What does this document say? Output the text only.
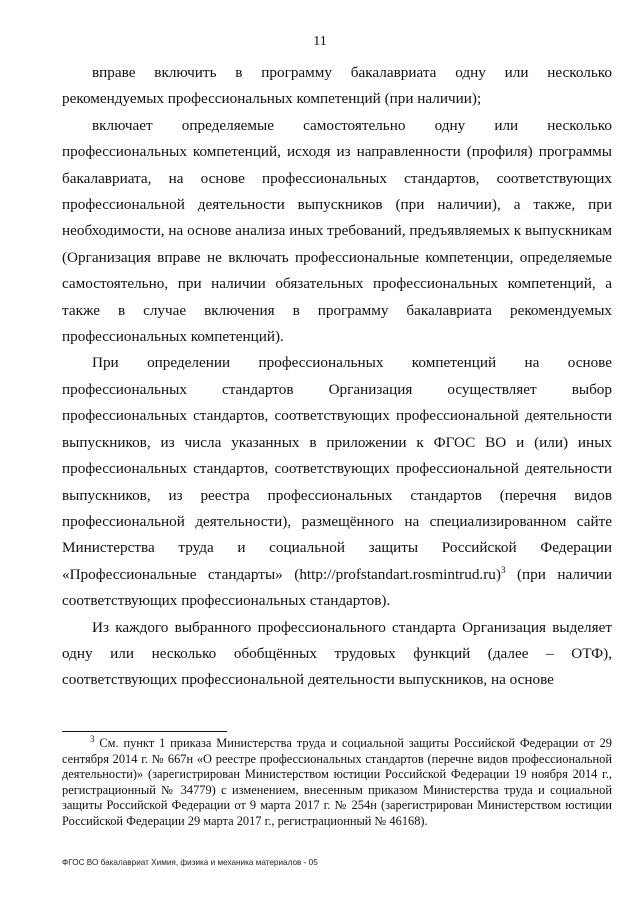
11

вправе включить в программу бакалавриата одну или несколько рекомендуемых профессиональных компетенций (при наличии);

включает определяемые самостоятельно одну или несколько профессиональных компетенций, исходя из направленности (профиля) программы бакалавриата, на основе профессиональных стандартов, соответствующих профессиональной деятельности выпускников (при наличии), а также, при необходимости, на основе анализа иных требований, предъявляемых к выпускникам (Организация вправе не включать профессиональные компетенции, определяемые самостоятельно, при наличии обязательных профессиональных компетенций, а также в случае включения в программу бакалавриата рекомендуемых профессиональных компетенций).

При определении профессиональных компетенций на основе профессиональных стандартов Организация осуществляет выбор профессиональных стандартов, соответствующих профессиональной деятельности выпускников, из числа указанных в приложении к ФГОС ВО и (или) иных профессиональных стандартов, соответствующих профессиональной деятельности выпускников, из реестра профессиональных стандартов (перечня видов профессиональной деятельности), размещённого на специализированном сайте Министерства труда и социальной защиты Российской Федерации «Профессиональные стандарты» (http://profstandart.rosmintrud.ru)$^3$ (при наличии соответствующих профессиональных стандартов).

Из каждого выбранного профессионального стандарта Организация выделяет одну или несколько обобщённых трудовых функций (далее – ОТФ), соответствующих профессиональной деятельности выпускников, на основе

$^3$ См. пункт 1 приказа Министерства труда и социальной защиты Российской Федерации от 29 сентября 2014 г. № 667н «О реестре профессиональных стандартов (перечне видов профессиональной деятельности)» (зарегистрирован Министерством юстиции Российской Федерации 19 ноября 2014 г., регистрационный № 34779) с изменением, внесенным приказом Министерства труда и социальной защиты Российской Федерации от 9 марта 2017 г. № 254н (зарегистрирован Министерством юстиции Российской Федерации 29 марта 2017 г., регистрационный № 46168).

ФГОС ВО бакалавриат Химия, физика и механика материалов - 05
